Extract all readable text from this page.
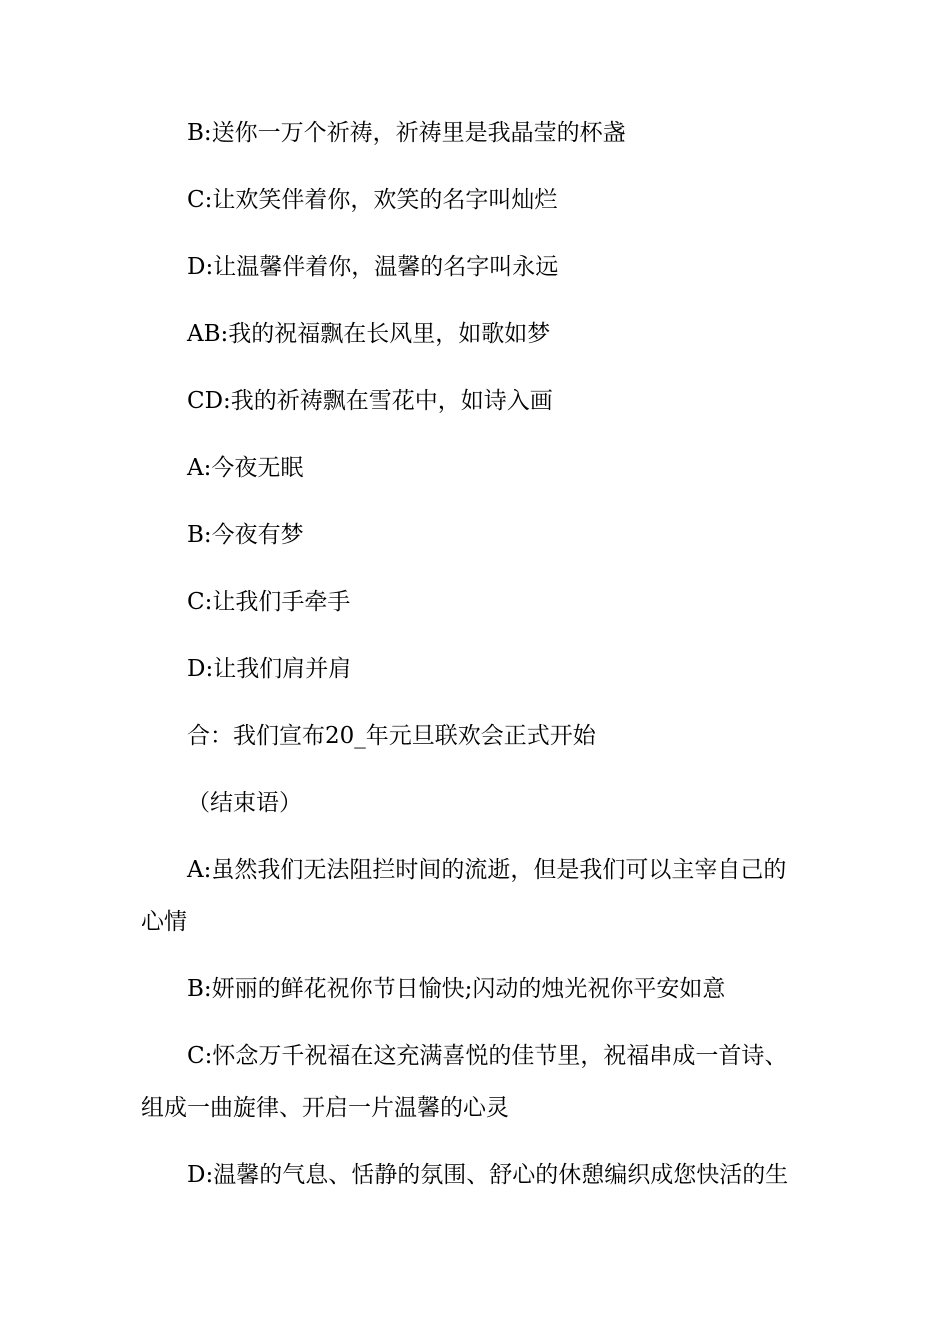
B:送你一万个祈祷，祈祷里是我晶莹的杯盏

C:让欢笑伴着你，欢笑的名字叫灿烂

D:让温馨伴着你，温馨的名字叫永远

AB:我的祝福飘在长风里，如歌如梦

CD:我的祈祷飘在雪花中，如诗入画

A:今夜无眠

B:今夜有梦

C:让我们手牵手

D:让我们肩并肩

合：我们宣布20_年元旦联欢会正式开始

（结束语）

A:虽然我们无法阻拦时间的流逝，但是我们可以主宰自己的心情

B:妍丽的鲜花祝你节日愉快;闪动的烛光祝你平安如意

C:怀念万千祝福在这充满喜悦的佳节里，祝福串成一首诗、组成一曲旋律、开启一片温馨的心灵

D:温馨的气息、恬静的氛围、舒心的休憩编织成您快活的生
